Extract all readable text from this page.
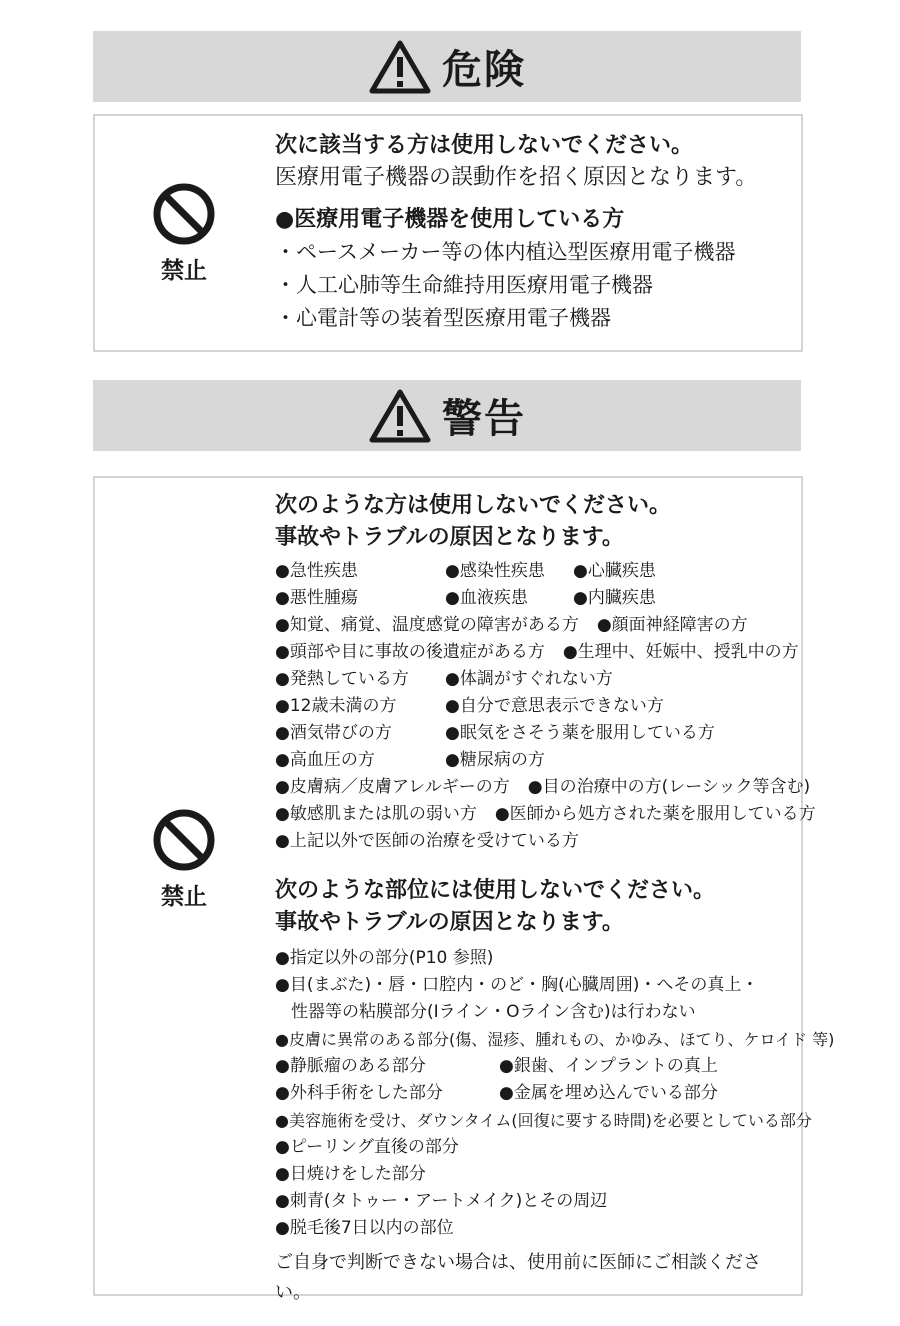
危険
禁止
次に該当する方は使用しないでください。
医療用電子機器の誤動作を招く原因となります。
●医療用電子機器を使用している方
・ペースメーカー等の体内植込型医療用電子機器
・人工心肺等生命維持用医療用電子機器
・心電計等の装着型医療用電子機器
警告
禁止
次のような方は使用しないでください。
事故やトラブルの原因となります。
●急性疾患	●感染性疾患	●心臓疾患
●悪性腫瘍	●血液疾患	●内臓疾患
●知覚、痛覚、温度感覚の障害がある方 ●顔面神経障害の方
●頭部や目に事故の後遺症がある方 ●生理中、妊娠中、授乳中の方
●発熱している方	●体調がすぐれない方
●12歳未満の方	●自分で意思表示できない方
●酒気帯びの方	●眠気をさそう薬を服用している方
●高血圧の方	●糖尿病の方
●皮膚病／皮膚アレルギーの方 ●目の治療中の方(レーシック等含む)
●敏感肌または肌の弱い方 ●医師から処方された薬を服用している方
●上記以外で医師の治療を受けている方
次のような部位には使用しないでください。
事故やトラブルの原因となります。
●指定以外の部分(P10 参照)
●目(まぶた)・唇・口腔内・のど・胸(心臓周囲)・へその真上・
性器等の粘膜部分(Iライン・Oライン含む)は行わない
●皮膚に異常のある部分(傷、湿疹、腫れもの、かゆみ、ほてり、ケロイド 等)
●静脈瘤のある部分	●銀歯、インプラントの真上
●外科手術をした部分	●金属を埋め込んでいる部分
●美容施術を受け、ダウンタイム(回復に要する時間)を必要としている部分
●ピーリング直後の部分
●日焼けをした部分
●刺青(タトゥー・アートメイク)とその周辺
●脱毛後7日以内の部位
ご自身で判断できない場合は、使用前に医師にご相談ください。
